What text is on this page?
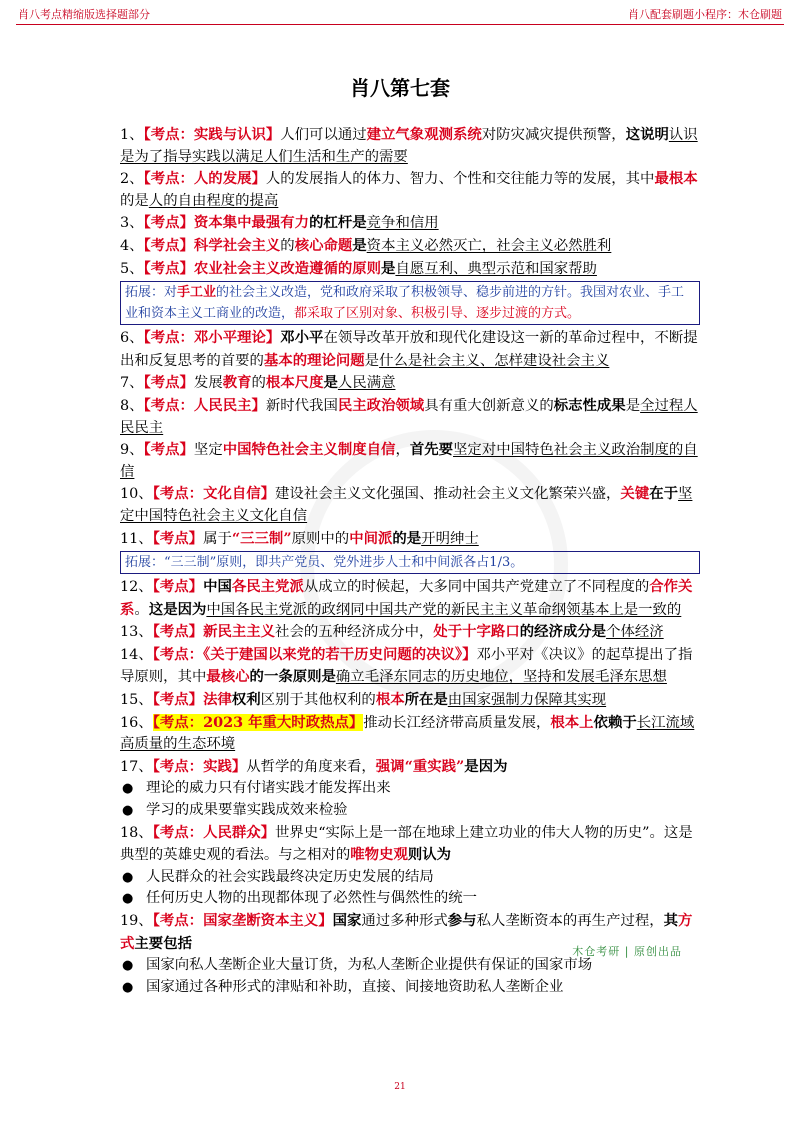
肖八考点精缩版选择题部分	肖八配套刷题小程序：木仓刷题
肖八第七套

1、【考点：实践与认识】人们可以通过建立气象观测系统对防灾减灾提供预警，这说明认识是为了指导实践以满足人们生活和生产的需要

2、【考点：人的发展】人的发展指人的体力、智力、个性和交往能力等的发展，其中最根本的是人的自由程度的提高

3、【考点】资本集中最强有力的杠杆是竞争和信用

4、【考点】科学社会主义的核心命题是资本主义必然灭亡，社会主义必然胜利

5、【考点】农业社会主义改造遵循的原则是自愿互利、典型示范和国家帮助

拓展：对手工业的社会主义改造，党和政府采取了积极领导、稳步前进的方针。我国对农业、手工业和资本主义工商业的改造，都采取了区别对象、积极引导、逐步过渡的方式。

6、【考点：邓小平理论】邓小平在领导改革开放和现代化建设这一新的革命过程中，不断提出和反复思考的首要的基本的理论问题是什么是社会主义、怎样建设社会主义

7、【考点】发展教育的根本尺度是人民满意

8、【考点：人民民主】新时代我国民主政治领域具有重大创新意义的标志性成果是全过程人民民主

9、【考点】坚定中国特色社会主义制度自信，首先要坚定对中国特色社会主义政治制度的自信

10、【考点：文化自信】建设社会主义文化强国、推动社会主义文化繁荣兴盛，关键在于坚定中国特色社会主义文化自信

11、【考点】属于“三三制”原则中的中间派的是开明绅士

拓展：“三三制”原则，即共产党员、党外进步人士和中间派各占1/3。

12、【考点】中国各民主党派从成立的时候起，大多同中国共产党建立了不同程度的合作关系。这是因为中国各民主党派的政纲同中国共产党的新民主主义革命纲领基本上是一致的

13、【考点】新民主主义社会的五种经济成分中，处于十字路口的经济成分是个体经济

14、【考点：《关于建国以来党的若干历史问题的决议》】邓小平对《决议》的起草提出了指导原则，其中最核心的一条原则是确立毛泽东同志的历史地位，坚持和发展毛泽东思想

15、【考点】法律权利区别于其他权利的根本所在是由国家强制力保障其实现

16、【考点：2023 年重大时政热点】推动长江经济带高质量发展，根本上依赖于长江流域高质量的生态环境

17、【考点：实践】从哲学的角度来看，强调“重实践”是因为

● 理论的威力只有付诸实践才能发挥出来

● 学习的成果要靠实践成效来检验

18、【考点：人民群众】世界史“实际上是一部在地球上建立功业的伟大人物的历史”。这是典型的英雄史观的看法。与之相对的唯物史观则认为

● 人民群众的社会实践最终决定历史发展的结局

● 任何历史人物的出现都体现了必然性与偶然性的统一

19、【考点：国家垄断资本主义】国家通过多种形式参与私人垄断资本的再生产过程，其方式主要包括

● 国家向私人垄断企业大量订货，为私人垄断企业提供有保证的国家市场

● 国家通过各种形式的津贴和补助，直接、间接地资助私人垄断企业

木仓考研 | 原创出品
21
